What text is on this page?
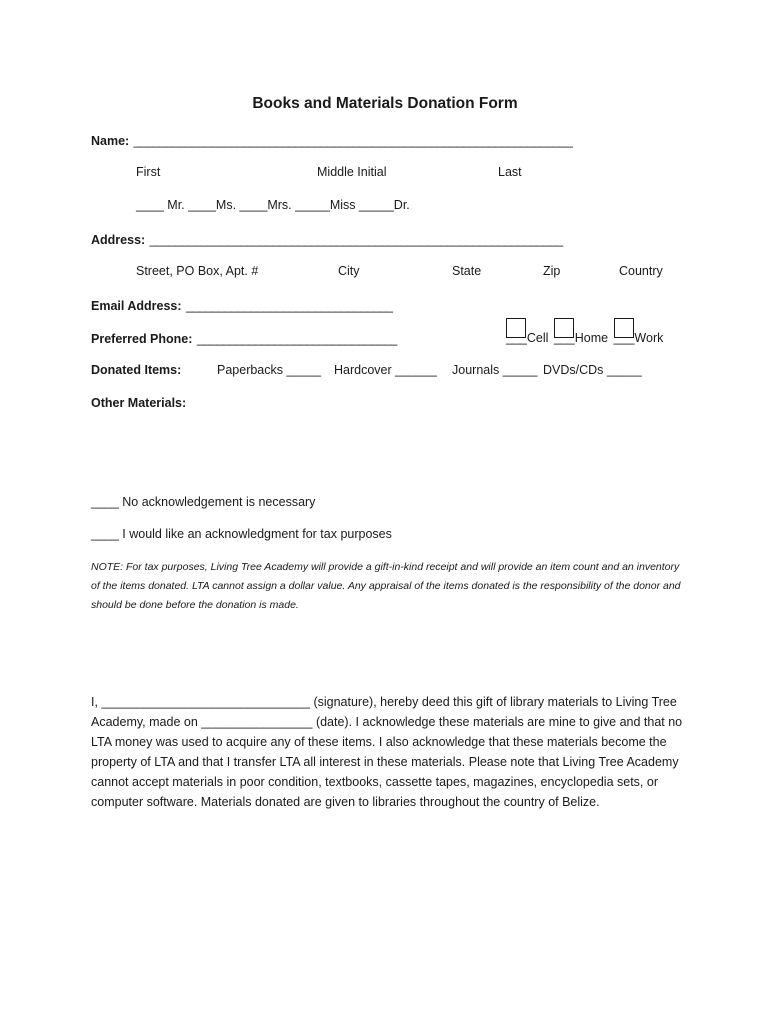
Books and Materials Donation Form
Name: ____________________________________________________________________
First	Middle Initial	Last
____ Mr. ____Ms. ____Mrs. _____Miss _____Dr.
Address: ________________________________________________________________
Street, PO Box, Apt. #	City	State	Zip	Country
Email Address: ________________________________
Preferred Phone: _______________________________	___Cell ___Home ___Work
Donated Items:	Paperbacks _____ Hardcover ______ Journals _____ DVDs/CDs _____
Other Materials:
____ No acknowledgement is necessary
____ I would like an acknowledgment for tax purposes
NOTE: For tax purposes, Living Tree Academy will provide a gift-in-kind receipt and will provide an item count and an inventory of the items donated. LTA cannot assign a dollar value. Any appraisal of the items donated is the responsibility of the donor and should be done before the donation is made.
I, ______________________________ (signature), hereby deed this gift of library materials to Living Tree Academy, made on ________________ (date). I acknowledge these materials are mine to give and that no LTA money was used to acquire any of these items. I also acknowledge that these materials become the property of LTA and that I transfer LTA all interest in these materials. Please note that Living Tree Academy cannot accept materials in poor condition, textbooks, cassette tapes, magazines, encyclopedia sets, or computer software. Materials donated are given to libraries throughout the country of Belize.
